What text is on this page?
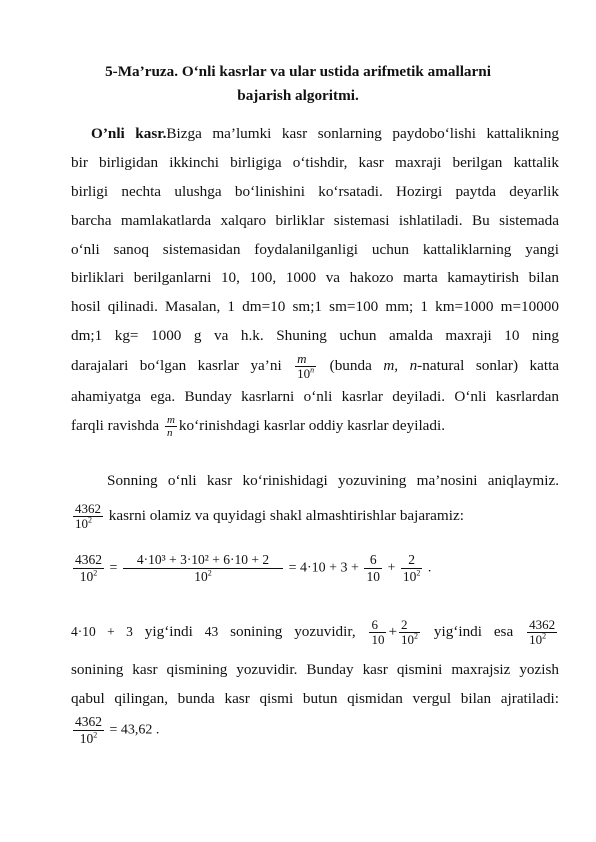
5-Ma’ruza. O‘nli kasrlar va ular ustida arifmetik amallarni
bajarish algoritmi.
O’nli kasr.Bizga ma’lumki kasr sonlarning paydobo‘lishi kattalikning
bir birligidan ikkinchi birligiga o‘tishdir, kasr maxraji berilgan kattalik
birligi nechta ulushga bo‘linishini ko‘rsatadi. Hozirgi paytda deyarlik
barcha mamlakatlarda xalqaro birliklar sistemasi ishlatiladi. Bu sistemada
o‘nli sanoq sistemasidan foydalanilganligi uchun kattaliklarning yangi
birliklari berilganlarni 10, 100, 1000 va hakozo marta kamaytirish bilan
hosil qilinadi. Masalan, 1 dm=10 sm;1 sm=100 mm; 1 km=1000 m=10000
dm;1 kg= 1000 g va h.k. Shuning uchun amalda maxraji 10 ning
darajalari bo‘lgan kasrlar ya’ni $\frac{m}{10^n}$ (bunda m, n-natural sonlar) katta
ahamiyatga ega. Bunday kasrlarni o‘nli kasrlar deyiladi. O‘nli kasrlardan
farqli ravishda $\frac{m}{n}$ ko‘rinishdagi kasrlar oddiy kasrlar deyiladi.
Sonning o‘nli kasr ko‘rinishidagi yozuvining ma’nosini aniqlaymiz.
$\frac{4362}{10^2}$ kasrni olamiz va quyidagi shakl almashtirishlar bajaramiz:
$\frac{4362}{10^2} = \frac{\text{4·10³ + 3·10² + 6·10 + 2}}{10^2} = 4\cdot 10 + 3 + \frac{6}{10} + \frac{2}{10^2}$ .
4·10 + 3 yig‘indi 43 sonining yozuvidir, $\frac{6}{10} + \frac{2}{10^2}$ yig‘indi esa $\frac{4362}{10^2}$
sonining kasr qismining yozuvidir. Bunday kasr qismini maxrajsiz yozish
qabul qilingan, bunda kasr qismi butun qismidan vergul bilan ajratiladi:
$\frac{4362}{10^2} = 43,62$ .
